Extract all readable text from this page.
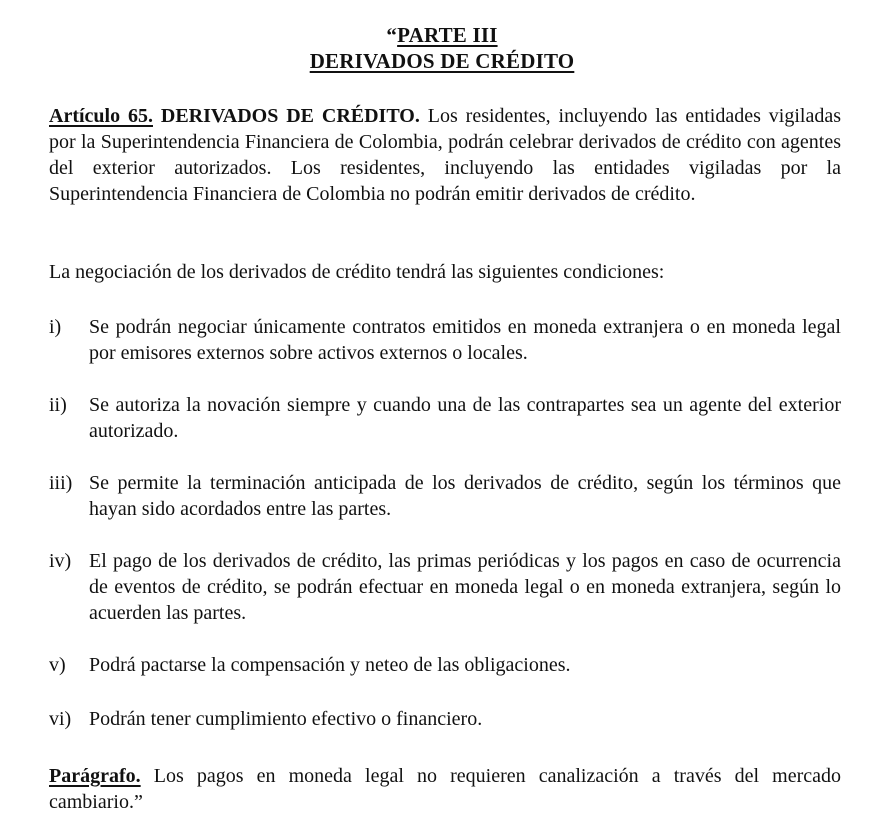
“PARTE III
DERIVADOS DE CRÉDITO
Artículo 65. DERIVADOS DE CRÉDITO. Los residentes, incluyendo las entidades vigiladas por la Superintendencia Financiera de Colombia, podrán celebrar derivados de crédito con agentes del exterior autorizados. Los residentes, incluyendo las entidades vigiladas por la Superintendencia Financiera de Colombia no podrán emitir derivados de crédito.
La negociación de los derivados de crédito tendrá las siguientes condiciones:
i)	Se podrán negociar únicamente contratos emitidos en moneda extranjera o en moneda legal por emisores externos sobre activos externos o locales.
ii)	Se autoriza la novación siempre y cuando una de las contrapartes sea un agente del exterior autorizado.
iii) Se permite la terminación anticipada de los derivados de crédito, según los términos que hayan sido acordados entre las partes.
iv) El pago de los derivados de crédito, las primas periódicas y los pagos en caso de ocurrencia de eventos de crédito, se podrán efectuar en moneda legal o en moneda extranjera, según lo acuerden las partes.
v)	Podrá pactarse la compensación y neteo de las obligaciones.
vi) Podrán tener cumplimiento efectivo o financiero.
Parágrafo. Los pagos en moneda legal no requieren canalización a través del mercado cambiario.”
